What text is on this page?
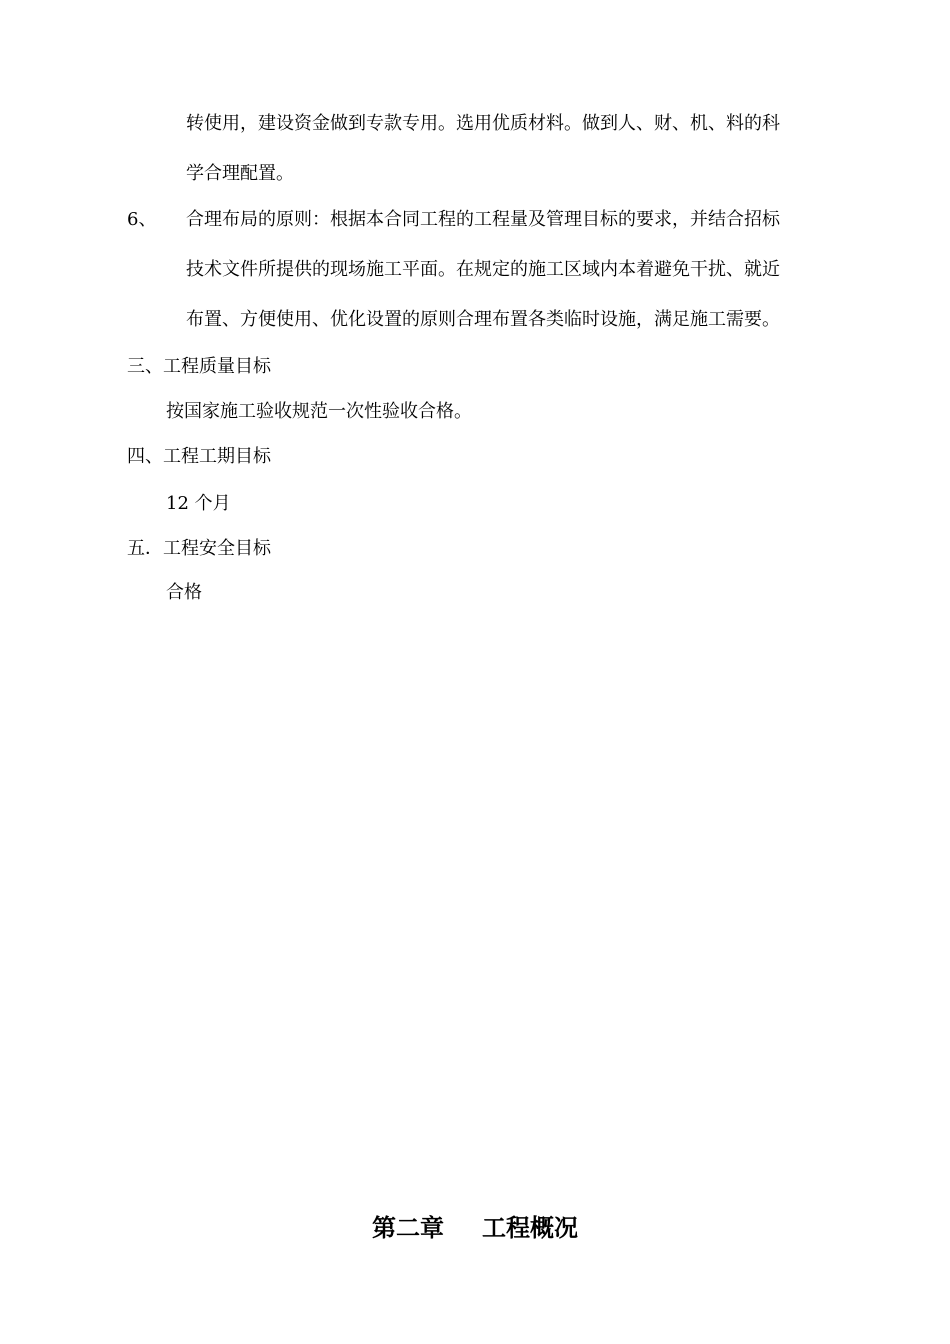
转使用，建设资金做到专款专用。选用优质材料。做到人、财、机、料的科
学合理配置。
6、 合理布局的原则：根据本合同工程的工程量及管理目标的要求，并结合招标
技术文件所提供的现场施工平面。在规定的施工区域内本着避免干扰、就近
布置、方便使用、优化设置的原则合理布置各类临时设施，满足施工需要。
三、工程质量目标
按国家施工验收规范一次性验收合格。
四、工程工期目标
12 个月
五．工程安全目标
合格
第二章 工程概况
